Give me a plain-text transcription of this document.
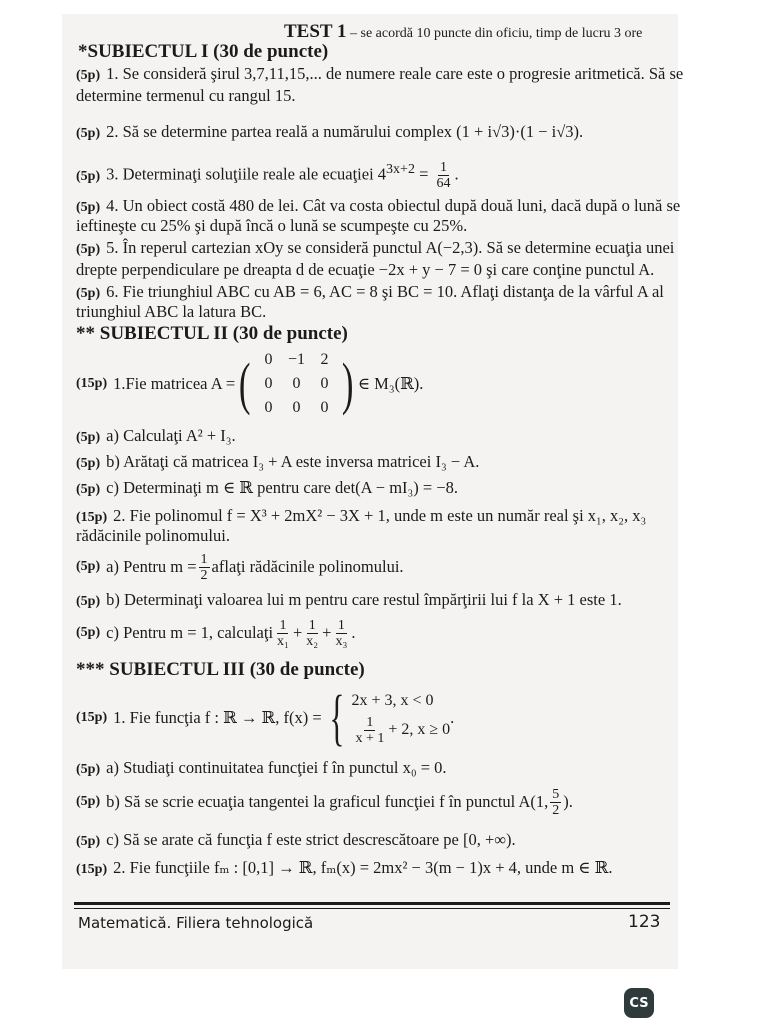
TEST 1 – se acordă 10 puncte din oficiu, timp de lucru 3 ore
*SUBIECTUL I (30 de puncte)
(5p) 1. Se consideră şirul 3,7,11,15,... de numere reale care este o progresie aritmetică. Să se
determine termenul cu rangul 15.
(5p) 2. Să se determine partea reală a numărului complex (1 + i√3)·(1 − i√3).
(5p) 3. Determinaţi soluţiile reale ale ecuaţiei $4^{3x+2} = \frac{1}{64}$ .
(5p) 4. Un obiect costă 480 de lei. Cât va costa obiectul după două luni, dacă după o lună se
ieftineşte cu 25% şi după încă o lună se scumpeşte cu 25%.
(5p) 5. În reperul cartezian xOy se consideră punctul A(−2,3). Să se determine ecuaţia unei
drepte perpendiculare pe dreapta d de ecuaţie −2x + y − 7 = 0 şi care conţine punctul A.
(5p) 6. Fie triunghiul ABC cu AB = 6, AC = 8 şi BC = 10. Aflaţi distanţa de la vârful A al
triunghiul ABC la latura BC.
** SUBIECTUL II (30 de puncte)
(15p) 1.Fie matricea A = ( 0 −1 2
0	0	0
0	0	0 ) ∈ M₃(ℝ).
(5p) a) Calculaţi A² + I₃.
(5p) b) Arătaţi că matricea I₃ + A este inversa matricei I₃ − A.
(5p) c) Determinaţi m ∈ ℝ pentru care det(A − mI₃) = −8.
(15p) 2. Fie polinomul f = X³ + 2mX² − 3X + 1, unde m este un număr real şi x₁, x₂, x₃
rădăcinile polinomului.
(5p) a) Pentru $m = \frac{1}{2}$ aflaţi rădăcinile polinomului.
(5p) b) Determinaţi valoarea lui m pentru care restul împărţirii lui f la X + 1 este 1.
(5p) c) Pentru m = 1, calculaţi $\frac{1}{\text{x₁}} + \frac{1}{\text{x₂}} + \frac{1}{\text{x₃}}$ .
*** SUBIECTUL III (30 de puncte)
(15p) 1. Fie funcţia f : ℝ → ℝ, f(x) = { 2x + 3, x < 0
$\frac{1}{x + 1} + 2$, x ≥ 0
.
(5p) a) Studiaţi continuitatea funcţiei f în punctul x₀ = 0.
(5p) b) Să se scrie ecuaţia tangentei la graficul funcţiei f în punctul A(1, $\frac{5}{2}$ ).
(5p) c) Să se arate că funcţia f este strict descrescătoare pe [0, +∞).
(15p) 2. Fie funcţiile fₘ : [0,1] → ℝ, fₘ(x) = 2mx² − 3(m − 1)x + 4, unde m ∈ ℝ.
Matematică. Filiera tehnologică	123
CS
